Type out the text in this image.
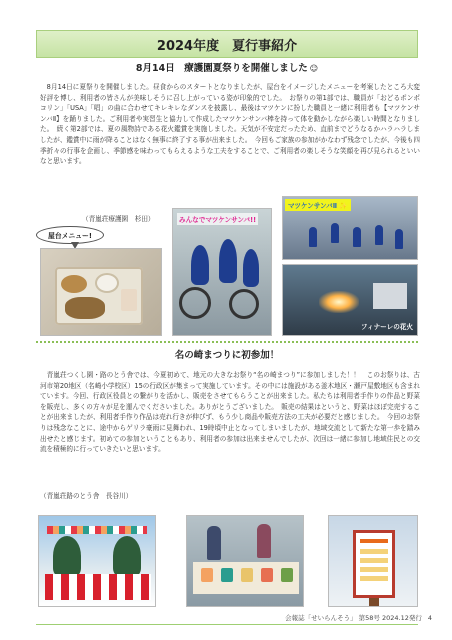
2024年度　夏行事紹介
8月14日　療護園夏祭りを開催しました ☺
　8月14日に夏祭りを開催しました。昼食からのスタートとなりましたが、屋台をイメージしたメニューを考案したところ大変好評を博し、利用者の皆さんが美味しそうに召し上がっている姿が印象的でした。　お祭りの第1部では、職員が「おどるポンポコリン」「USA」「唱」の曲に合わせてキレキレなダンスを披露し、最後はマツケンに扮した職員と一緒に利用者も【マツケンサンバⅡ】を踊りました。ご利用者や実習生と協力して作成したマツケンサンバ棒を持って体を動かしながら楽しい時間となりました。　続く第2部では、夏の風物詩である花火鑑賞を実施しました。天気が不安定だったため、直前までどうなるかハラハラしましたが、鑑賞中に雨が降ることはなく無事に終了する事が出来ました。　今回もご家族の参加がかなわず残念でしたが、今後も四季折々の行事を企画し、季節感を味わってもらえるような工夫をすることで、ご利用者の楽しそうな笑顔を再び見られるといいなと思います。
（青嵐荘療護園　杉田）
屋台メニュー!
みんなでマツケンサンバ!!
マツケンサンバⅡ ✨
フィナーレの花火
名の崎まつりに初参加！
　青嵐荘つくし園・路のとう舎では、今夏初めて、地元の大きなお祭り“名の崎まつり”に参加しました！！　このお祭りは、古河市第20地区（名崎小学校区）15の行政区が集まって実施しています。その中には施設がある釜木地区・瀬戸屋敷地区も含まれています。今回、行政区役員との繋がりを活かし、販売をさせてもらうことが出来ました。私たちは利用者手作りの作品と野菜を販売し、多くの方々が足を運んでくださいました。ありがとうございました。　販売の結果はというと、野菜はほぼ完売することが出来ましたが、利用者手作り作品は売れ行きが伸びず、もう少し商品や販売方法の工夫が必要だと感じました。　今回のお祭りは残念なことに、途中からゲリラ豪雨に見舞われ、19時頃中止となってしまいましたが、地域交流として新たな第一歩を踏み出せたと感じます。初めての参加ということもあり、利用者の参加は出来ませんでしたが、次回は一緒に参加し地域住民との交流を積極的に行っていきたいと思います。
（青嵐荘路のとう舎　長谷川）
会報誌「せいらんそう」 第58号 2024.12発行 4
